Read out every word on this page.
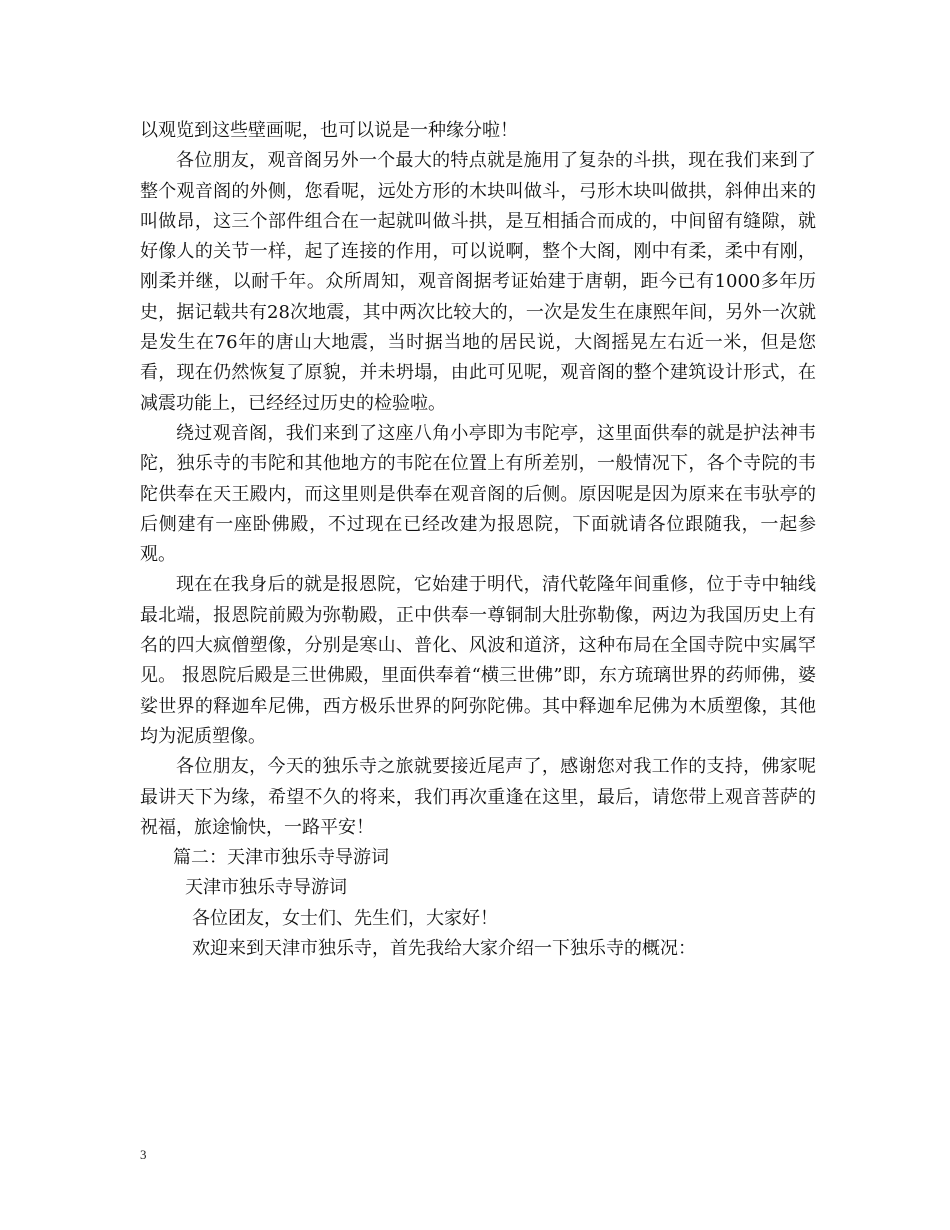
以观览到这些壁画呢，也可以说是一种缘分啦！

各位朋友，观音阁另外一个最大的特点就是施用了复杂的斗拱，现在我们来到了整个观音阁的外侧，您看呢，远处方形的木块叫做斗，弓形木块叫做拱，斜伸出来的叫做昂，这三个部件组合在一起就叫做斗拱，是互相插合而成的，中间留有缝隙，就好像人的关节一样，起了连接的作用，可以说啊，整个大阁，刚中有柔，柔中有刚，刚柔并继，以耐千年。众所周知，观音阁据考证始建于唐朝，距今已有1000多年历史，据记载共有28次地震，其中两次比较大的，一次是发生在康熙年间，另外一次就是发生在76年的唐山大地震，当时据当地的居民说，大阁摇晃左右近一米，但是您看，现在仍然恢复了原貌，并未坍塌，由此可见呢，观音阁的整个建筑设计形式，在减震功能上，已经经过历史的检验啦。

绕过观音阁，我们来到了这座八角小亭即为韦陀亭，这里面供奉的就是护法神韦陀，独乐寺的韦陀和其他地方的韦陀在位置上有所差别，一般情况下，各个寺院的韦陀供奉在天王殿内，而这里则是供奉在观音阁的后侧。原因呢是因为原来在韦驮亭的后侧建有一座卧佛殿，不过现在已经改建为报恩院，下面就请各位跟随我，一起参观。

现在在我身后的就是报恩院，它始建于明代，清代乾隆年间重修，位于寺中轴线最北端，报恩院前殿为弥勒殿，正中供奉一尊铜制大肚弥勒像，两边为我国历史上有名的四大疯僧塑像，分别是寒山、普化、风波和道济，这种布局在全国寺院中实属罕见。 报恩院后殿是三世佛殿，里面供奉着“横三世佛”即，东方琉璃世界的药师佛，婆娑世界的释迦牟尼佛，西方极乐世界的阿弥陀佛。其中释迦牟尼佛为木质塑像，其他均为泥质塑像。

各位朋友，今天的独乐寺之旅就要接近尾声了，感谢您对我工作的支持，佛家呢最讲天下为缘，希望不久的将来，我们再次重逢在这里，最后，请您带上观音菩萨的祝福，旅途愉快，一路平安！

篇二：天津市独乐寺导游词

天津市独乐寺导游词

各位团友，女士们、先生们，大家好！

欢迎来到天津市独乐寺，首先我给大家介绍一下独乐寺的概况：

3
